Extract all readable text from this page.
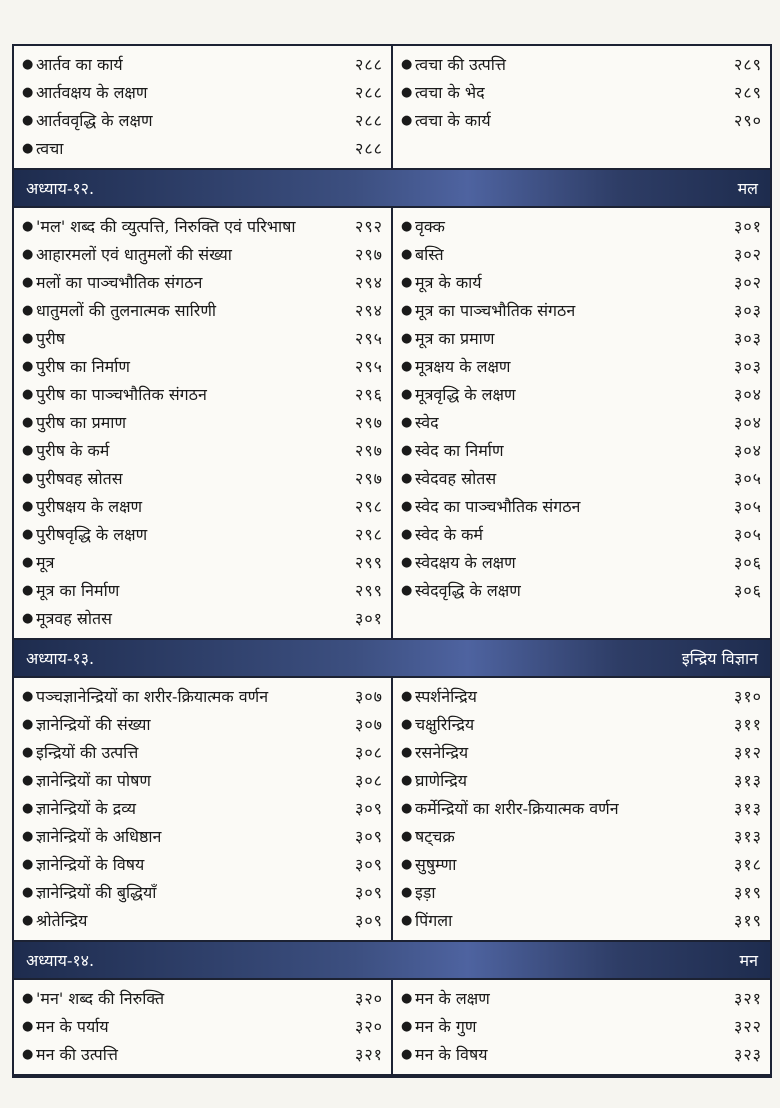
● आर्तव का कार्य	२८८
● आर्तवक्षय के लक्षण	२८८
● आर्तववृद्धि के लक्षण	२८८
● त्वचा	२८८
● त्वचा की उत्पत्ति	२८९
● त्वचा के भेद	२८९
● त्वचा के कार्य	२९०
अध्याय-१२.	मल
● 'मल' शब्द की व्युत्पत्ति, निरुक्ति एवं परिभाषा	२९२
● आहारमलों एवं धातुमलों की संख्या	२९७
● मलों का पाञ्चभौतिक संगठन	२९४
● धातुमलों की तुलनात्मक सारिणी	२९४
● पुरीष	२९५
● पुरीष का निर्माण	२९५
● पुरीष का पाञ्चभौतिक संगठन	२९६
● पुरीष का प्रमाण	२९७
● पुरीष के कर्म	२९७
● पुरीषवह स्रोतस	२९७
● पुरीषक्षय के लक्षण	२९८
● पुरीषवृद्धि के लक्षण	२९८
● मूत्र	२९९
● मूत्र का निर्माण	२९९
● मूत्रवह स्रोतस	३०१
● वृक्क	३०१
● बस्ति	३०२
● मूत्र के कार्य	३०२
● मूत्र का पाञ्चभौतिक संगठन	३०३
● मूत्र का प्रमाण	३०३
● मूत्रक्षय के लक्षण	३०३
● मूत्रवृद्धि के लक्षण	३०४
● स्वेद	३०४
● स्वेद का निर्माण	३०४
● स्वेदवह स्रोतस	३०५
● स्वेद का पाञ्चभौतिक संगठन	३०५
● स्वेद के कर्म	३०५
● स्वेदक्षय के लक्षण	३०६
● स्वेदवृद्धि के लक्षण	३०६
अध्याय-१३.	इन्द्रिय विज्ञान
● पञ्चज्ञानेन्द्रियों का शरीर-क्रियात्मक वर्णन	३०७
● ज्ञानेन्द्रियों की संख्या	३०७
● इन्द्रियों की उत्पत्ति	३०८
● ज्ञानेन्द्रियों का पोषण	३०८
● ज्ञानेन्द्रियों के द्रव्य	३०९
● ज्ञानेन्द्रियों के अधिष्ठान	३०९
● ज्ञानेन्द्रियों के विषय	३०९
● ज्ञानेन्द्रियों की बुद्धियाँ	३०९
● श्रोतेन्द्रिय	३०९
● स्पर्शनेन्द्रिय	३१०
● चक्षुरिन्द्रिय	३११
● रसनेन्द्रिय	३१२
● घ्राणेन्द्रिय	३१३
● कर्मेन्द्रियों का शरीर-क्रियात्मक वर्णन	३१३
● षट्चक्र	३१३
● सुषुम्णा	३१८
● इड़ा	३१९
● पिंगला	३१९
अध्याय-१४.	मन
● 'मन' शब्द की निरुक्ति	३२०
● मन के पर्याय	३२०
● मन की उत्पत्ति	३२१
● मन के लक्षण	३२१
● मन के गुण	३२२
● मन के विषय	३२३
